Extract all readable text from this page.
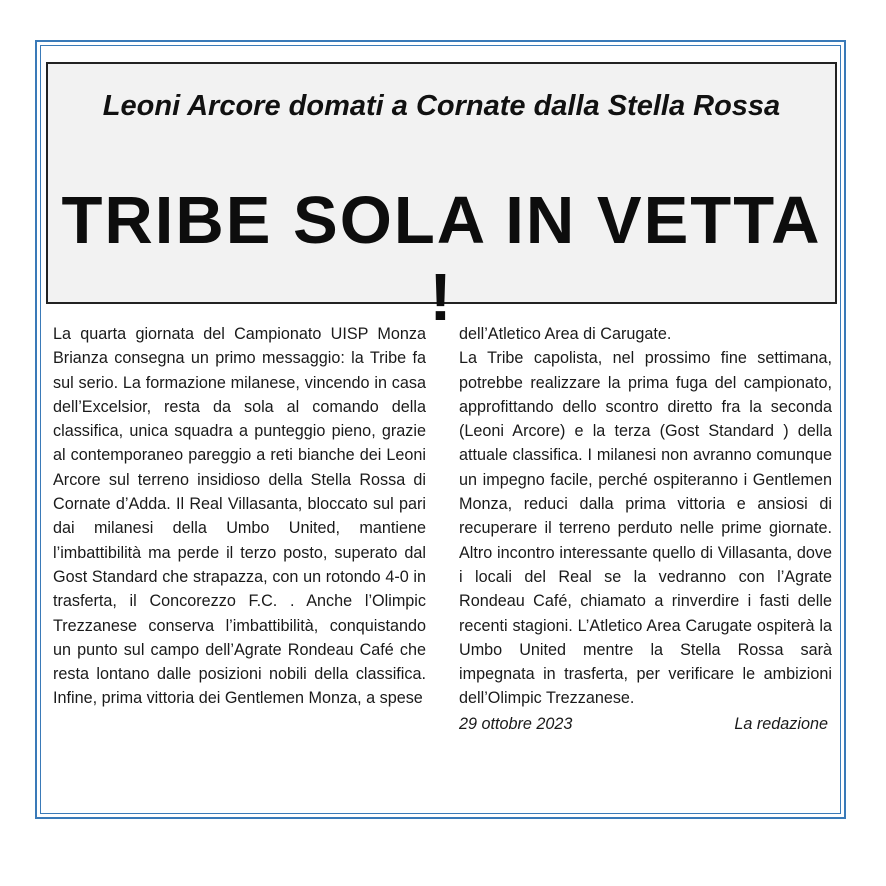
Leoni Arcore domati a Cornate dalla Stella Rossa
TRIBE SOLA IN VETTA !

La quarta giornata del Campionato UISP Monza Brianza consegna un primo messaggio: la Tribe fa sul serio. La formazione milanese, vincendo in casa dell’Excelsior, resta da sola al comando della classifica, unica squadra a punteggio pieno, grazie al contemporaneo pareggio a reti bianche dei Leoni Arcore sul terreno insidioso della Stella Rossa di Cornate d’Adda. Il Real Villasanta, bloccato sul pari dai milanesi della Umbo United, mantiene l’imbattibilità ma perde il terzo posto, superato dal Gost Standard che strapazza, con un rotondo 4-0 in trasferta, il Concorezzo F.C. . Anche l’Olimpic Trezzanese conserva l’imbattibilità, conquistando un punto sul campo dell’Agrate Rondeau Café che resta lontano dalle posizioni nobili della classifica. Infine, prima vittoria dei Gentlemen Monza, a spese

dell’Atletico Area di Carugate.

La Tribe capolista, nel prossimo fine settimana, potrebbe realizzare la prima fuga del campionato, approfittando dello scontro diretto fra la seconda (Leoni Arcore) e la terza (Gost Standard ) della attuale classifica. I milanesi non avranno comunque un impegno facile, perché ospiteranno i Gentlemen Monza, reduci dalla prima vittoria e ansiosi di recuperare il terreno perduto nelle prime giornate. Altro incontro interessante quello di Villasanta, dove i locali del Real se la vedranno con l’Agrate Rondeau Café, chiamato a rinverdire i fasti delle recenti stagioni. L’Atletico Area Carugate ospiterà la Umbo United mentre la Stella Rossa sarà impegnata in trasferta, per verificare le ambizioni dell’Olimpic Trezzanese.

29 ottobre 2023	La redazione
